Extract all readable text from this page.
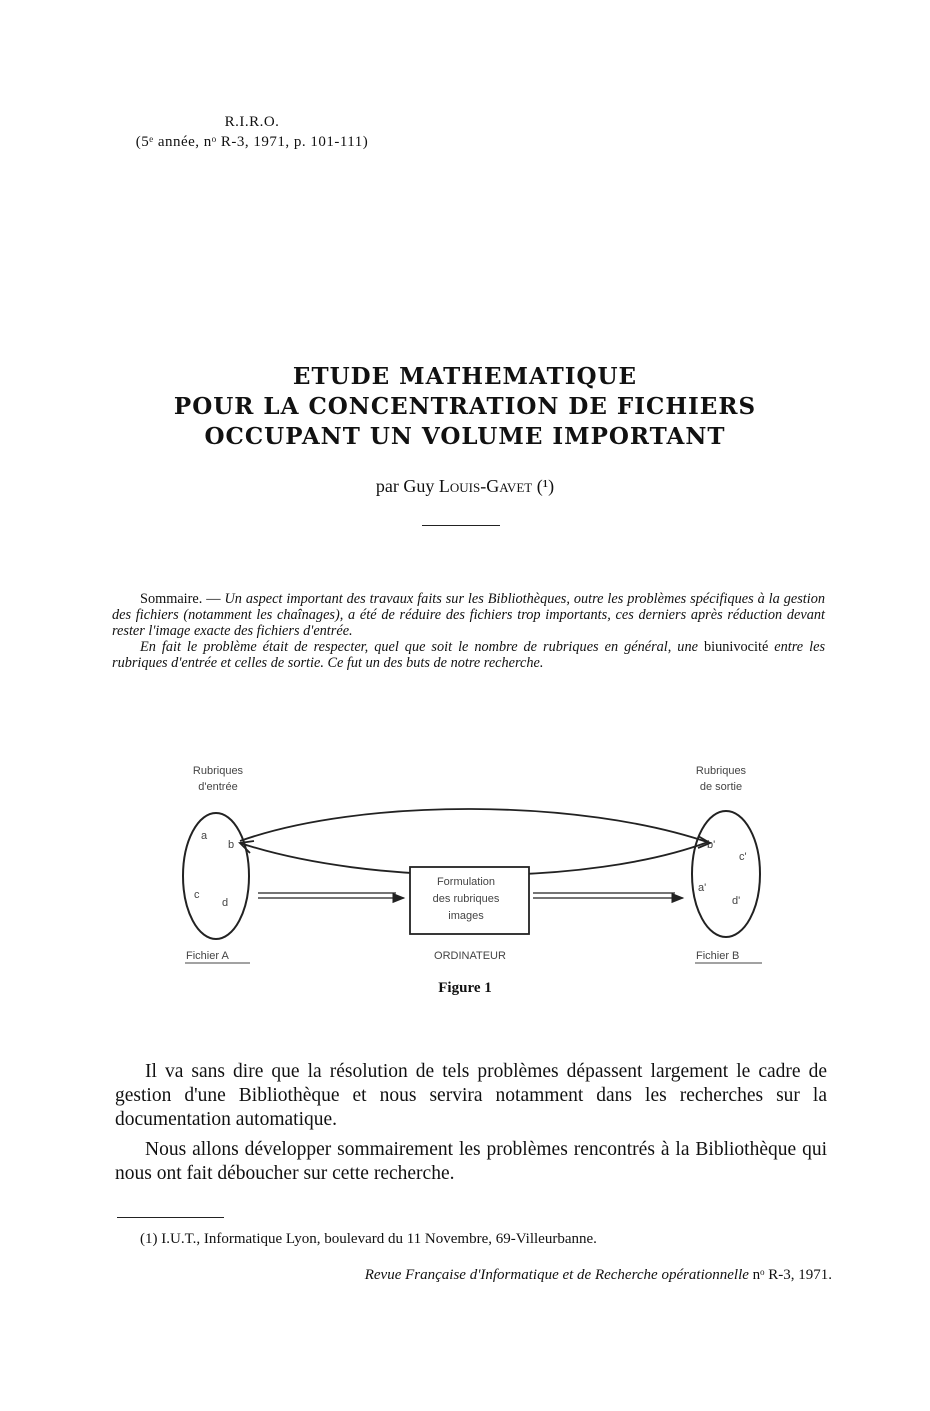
R.I.R.O.
(5ᵉ année, nᵒ R-3, 1971, p. 101-111)
ETUDE MATHEMATIQUE
POUR LA CONCENTRATION DE FICHIERS
OCCUPANT UN VOLUME IMPORTANT
par Guy Louis-Gavet (¹)

Sommaire. — Un aspect important des travaux faits sur les Bibliothèques, outre les problèmes spécifiques à la gestion des fichiers (notamment les chaînages), a été de réduire des fichiers trop importants, ces derniers après réduction devant rester l'image exacte des fichiers d'entrée.

En fait le problème était de respecter, quel que soit le nombre de rubriques en général, une biunivocité entre les rubriques d'entrée et celles de sortie. Ce fut un des buts de notre recherche.

Rubriques
d'entrée
Rubriques
de sortie
a
b
c
d
b'
c'
a'
d'
Formulation
des rubriques
images
Fichier A	ORDINATEUR	Fichier B
Figure 1

Il va sans dire que la résolution de tels problèmes dépassent largement le cadre de gestion d'une Bibliothèque et nous servira notamment dans les recherches sur la documentation automatique.

Nous allons développer sommairement les problèmes rencontrés à la Bibliothèque qui nous ont fait déboucher sur cette recherche.

(1) I.U.T., Informatique Lyon, boulevard du 11 Novembre, 69-Villeurbanne.
Revue Française d'Informatique et de Recherche opérationnelle nᵒ R-3, 1971.
